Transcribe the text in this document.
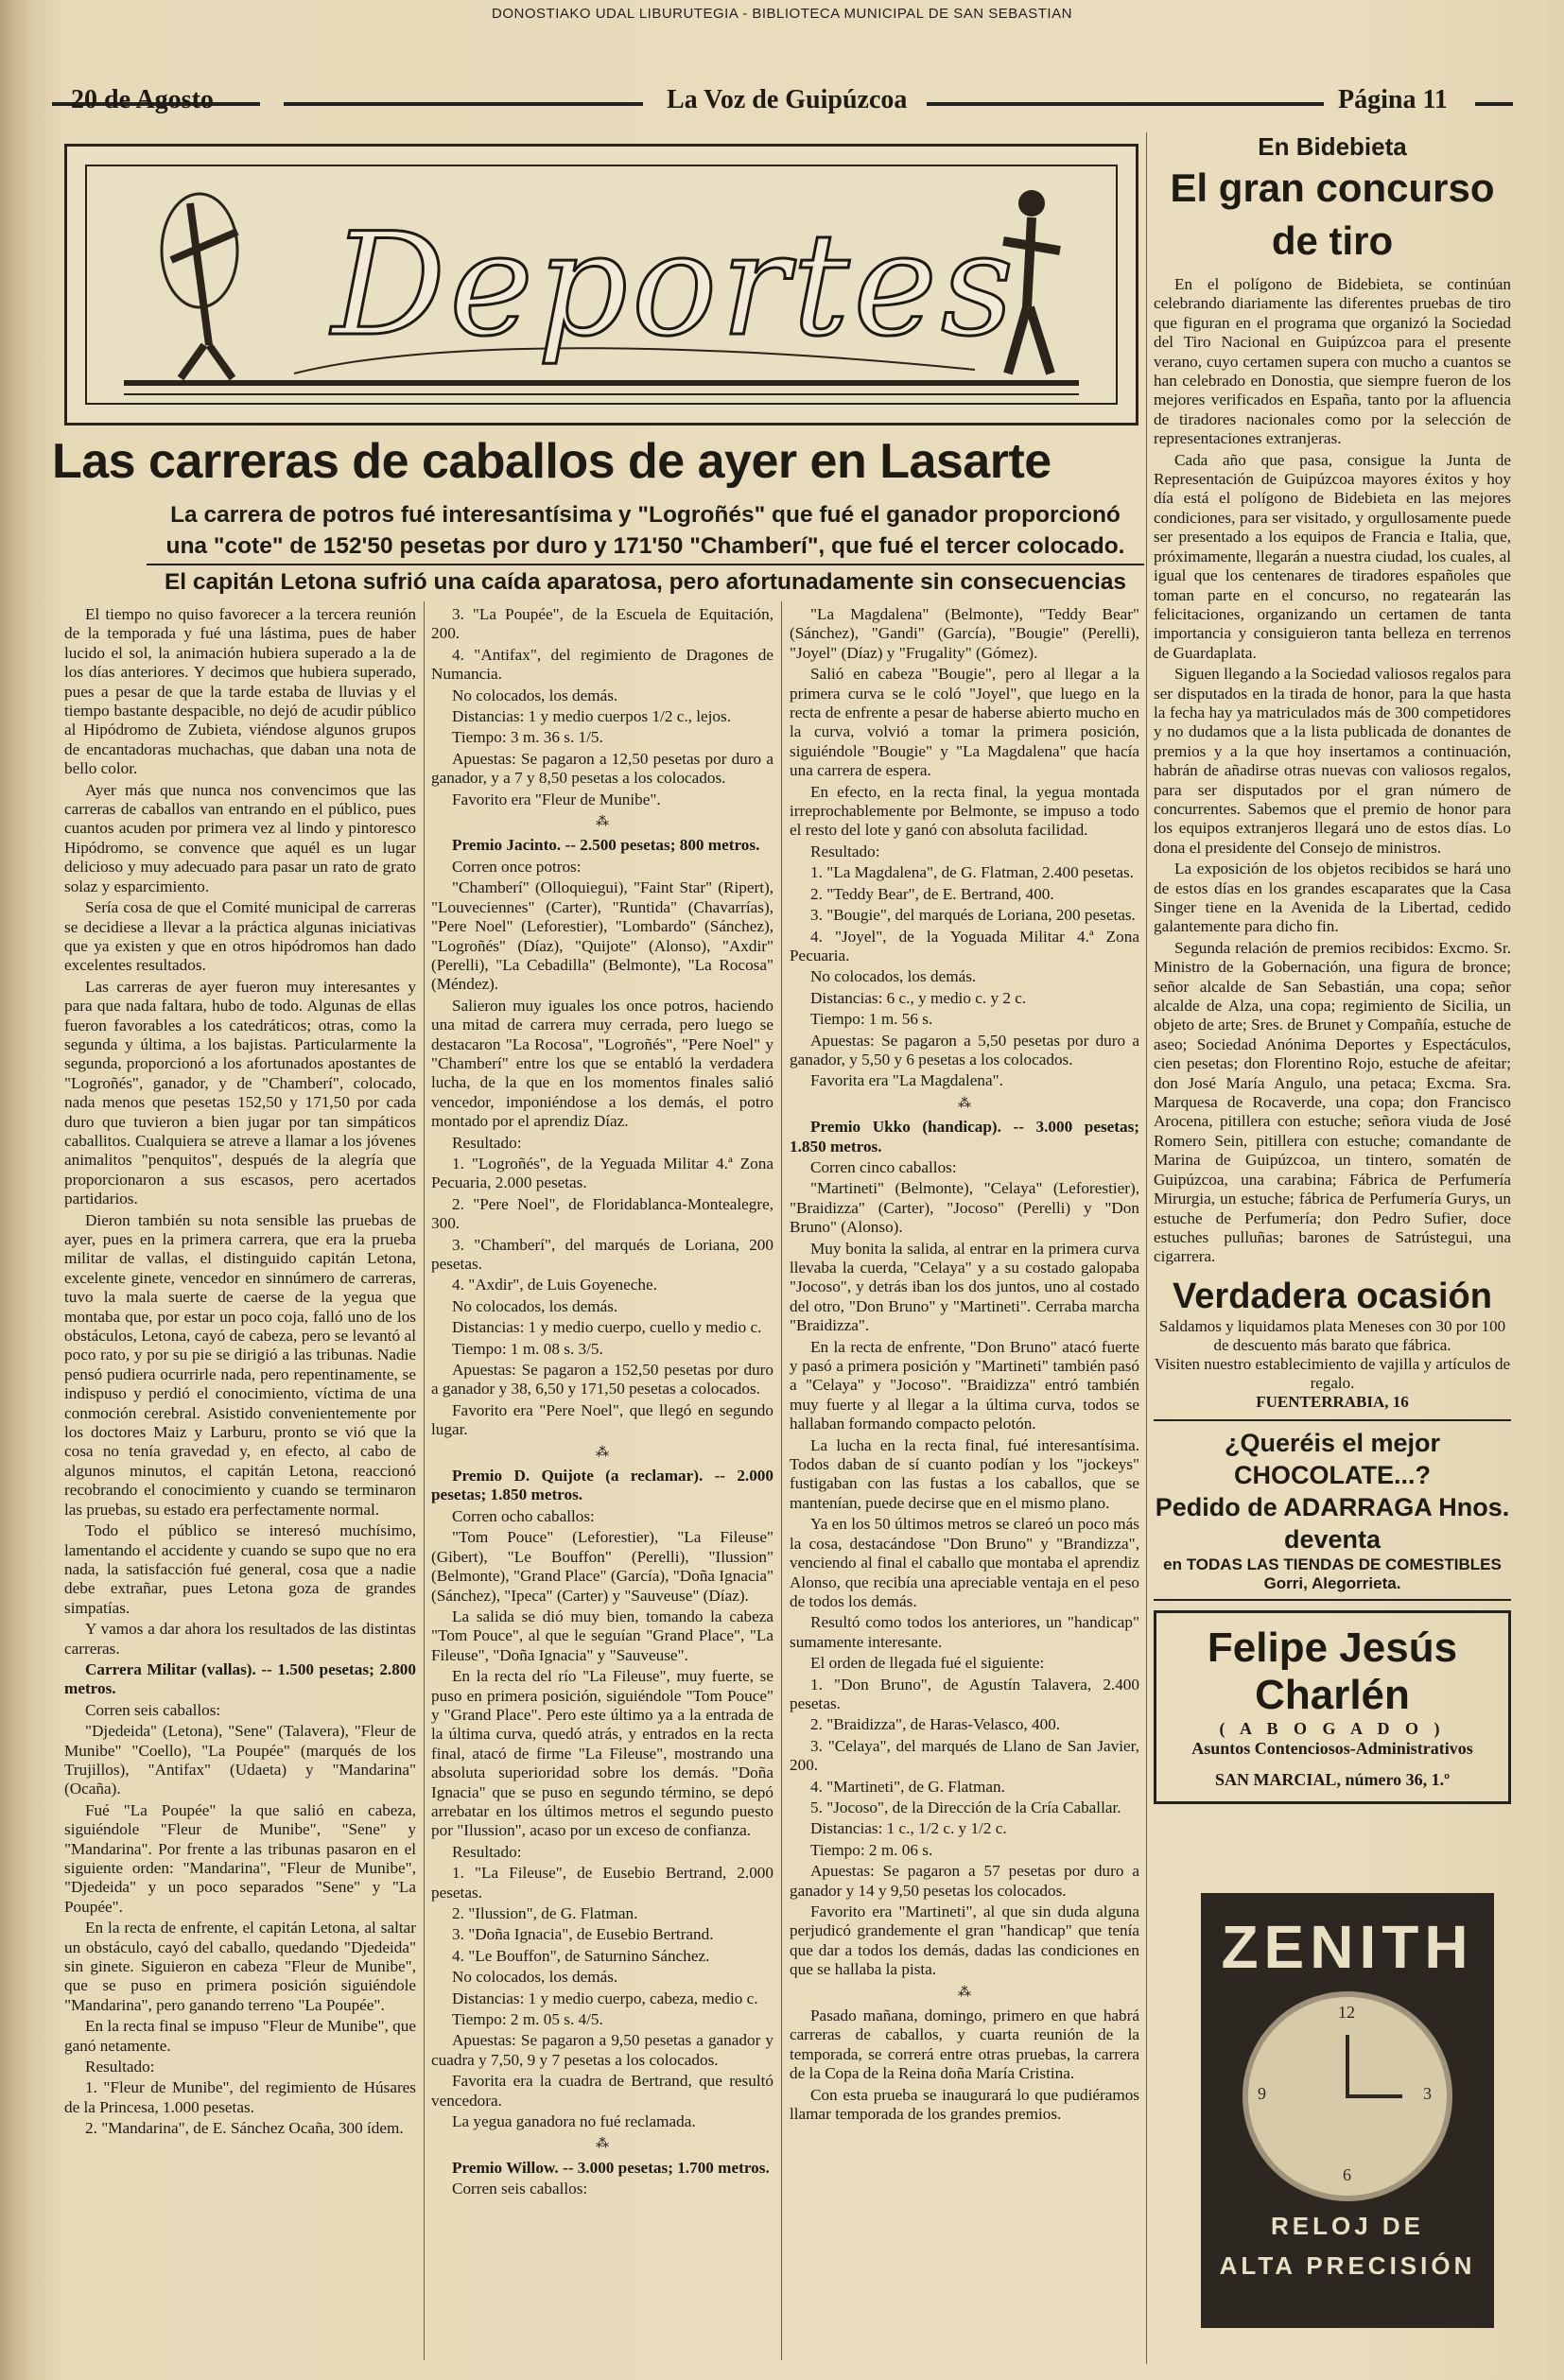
DONOSTIAKO UDAL LIBURUTEGIA - BIBLIOTECA MUNICIPAL DE SAN SEBASTIAN
20 de Agosto	La Voz de Guipúzcoa	Página 11
Deportes
Las carreras de caballos de ayer en Lasarte
La carrera de potros fué interesantísima y "Logroñés" que fué el ganador proporcionó
una "cote" de 152'50 pesetas por duro y 171'50 "Chamberí", que fué el tercer colocado.
El capitán Letona sufrió una caída aparatosa, pero afortunadamente sin consecuencias

El tiempo no quiso favorecer a la tercera reunión de la temporada y fué una lástima, pues de haber lucido el sol, la animación hubiera superado a la de los días anteriores. Y decimos que hubiera superado, pues a pesar de que la tarde estaba de lluvias y el tiempo bastante despacible, no dejó de acudir público al Hipódromo de Zubieta, viéndose algunos grupos de encantadoras muchachas, que daban una nota de bello color.

Ayer más que nunca nos convencimos que las carreras de caballos van entrando en el público, pues cuantos acuden por primera vez al lindo y pintoresco Hipódromo, se convence que aquél es un lugar delicioso y muy adecuado para pasar un rato de grato solaz y esparcimiento.

Sería cosa de que el Comité municipal de carreras se decidiese a llevar a la práctica algunas iniciativas que ya existen y que en otros hipódromos han dado excelentes resultados.

Las carreras de ayer fueron muy interesantes y para que nada faltara, hubo de todo. Algunas de ellas fueron favorables a los catedráticos; otras, como la segunda y última, a los bajistas. Particularmente la segunda, proporcionó a los afortunados apostantes de "Logroñés", ganador, y de "Chamberí", colocado, nada menos que pesetas 152,50 y 171,50 por cada duro que tuvieron a bien jugar por tan simpáticos caballitos. Cualquiera se atreve a llamar a los jóvenes animalitos "penquitos", después de la alegría que proporcionaron a sus escasos, pero acertados partidarios.

Dieron también su nota sensible las pruebas de ayer, pues en la primera carrera, que era la prueba militar de vallas, el distinguido capitán Letona, excelente ginete, vencedor en sinnúmero de carreras, tuvo la mala suerte de caerse de la yegua que montaba que, por estar un poco coja, falló uno de los obstáculos, Letona, cayó de cabeza, pero se levantó al poco rato, y por su pie se dirigió a las tribunas. Nadie pensó pudiera ocurrirle nada, pero repentinamente, se indispuso y perdió el conocimiento, víctima de una conmoción cerebral. Asistido convenientemente por los doctores Maiz y Larburu, pronto se vió que la cosa no tenía gravedad y, en efecto, al cabo de algunos minutos, el capitán Letona, reaccionó recobrando el conocimiento y cuando se terminaron las pruebas, su estado era perfectamente normal.

Todo el público se interesó muchísimo, lamentando el accidente y cuando se supo que no era nada, la satisfacción fué general, cosa que a nadie debe extrañar, pues Letona goza de grandes simpatías.

Y vamos a dar ahora los resultados de las distintas carreras.

Carrera Militar (vallas). -- 1.500 pesetas; 2.800 metros.

Corren seis caballos:

"Djedeida" (Letona), "Sene" (Talavera), "Fleur de Munibe" "Coello), "La Poupée" (marqués de los Trujillos), "Antifax" (Udaeta) y "Mandarina" (Ocaña).

Fué "La Poupée" la que salió en cabeza, siguiéndole "Fleur de Munibe", "Sene" y "Mandarina". Por frente a las tribunas pasaron en el siguiente orden: "Mandarina", "Fleur de Munibe", "Djedeida" y un poco separados "Sene" y "La Poupée".

En la recta de enfrente, el capitán Letona, al saltar un obstáculo, cayó del caballo, quedando "Djedeida" sin ginete. Siguieron en cabeza "Fleur de Munibe", que se puso en primera posición siguiéndole "Mandarina", pero ganando terreno "La Poupée".

En la recta final se impuso "Fleur de Munibe", que ganó netamente.

Resultado:

1. "Fleur de Munibe", del regimiento de Húsares de la Princesa, 1.000 pesetas.

2. "Mandarina", de E. Sánchez Ocaña, 300 ídem.

3. "La Poupée", de la Escuela de Equitación, 200.

4. "Antifax", del regimiento de Dragones de Numancia.

No colocados, los demás.

Distancias: 1 y medio cuerpos 1/2 c., lejos.

Tiempo: 3 m. 36 s. 1/5.

Apuestas: Se pagaron a 12,50 pesetas por duro a ganador, y a 7 y 8,50 pesetas a los colocados.

Favorito era "Fleur de Munibe".

⁂

Premio Jacinto. -- 2.500 pesetas; 800 metros.

Corren once potros:

"Chamberí" (Olloquiegui), "Faint Star" (Ripert), "Louveciennes" (Carter), "Runtida" (Chavarrías), "Pere Noel" (Leforestier), "Lombardo" (Sánchez), "Logroñés" (Díaz), "Quijote" (Alonso), "Axdir" (Perelli), "La Cebadilla" (Belmonte), "La Rocosa" (Méndez).

Salieron muy iguales los once potros, haciendo una mitad de carrera muy cerrada, pero luego se destacaron "La Rocosa", "Logroñés", "Pere Noel" y "Chamberí" entre los que se entabló la verdadera lucha, de la que en los momentos finales salió vencedor, imponiéndose a los demás, el potro montado por el aprendiz Díaz.

Resultado:

1. "Logroñés", de la Yeguada Militar 4.ª Zona Pecuaria, 2.000 pesetas.

2. "Pere Noel", de Floridablanca-Montealegre, 300.

3. "Chamberí", del marqués de Loriana, 200 pesetas.

4. "Axdir", de Luis Goyeneche.

No colocados, los demás.

Distancias: 1 y medio cuerpo, cuello y medio c.

Tiempo: 1 m. 08 s. 3/5.

Apuestas: Se pagaron a 152,50 pesetas por duro a ganador y 38, 6,50 y 171,50 pesetas a colocados.

Favorito era "Pere Noel", que llegó en segundo lugar.

⁂

Premio D. Quijote (a reclamar). -- 2.000 pesetas; 1.850 metros.

Corren ocho caballos:

"Tom Pouce" (Leforestier), "La Fileuse" (Gibert), "Le Bouffon" (Perelli), "Ilussion" (Belmonte), "Grand Place" (García), "Doña Ignacia" (Sánchez), "Ipeca" (Carter) y "Sauveuse" (Díaz).

La salida se dió muy bien, tomando la cabeza "Tom Pouce", al que le seguían "Grand Place", "La Fileuse", "Doña Ignacia" y "Sauveuse".

En la recta del río "La Fileuse", muy fuerte, se puso en primera posición, siguiéndole "Tom Pouce" y "Grand Place". Pero este último ya a la entrada de la última curva, quedó atrás, y entrados en la recta final, atacó de firme "La Fileuse", mostrando una absoluta superioridad sobre los demás. "Doña Ignacia" que se puso en segundo término, se depó arrebatar en los últimos metros el segundo puesto por "Ilussion", acaso por un exceso de confianza.

Resultado:

1. "La Fileuse", de Eusebio Bertrand, 2.000 pesetas.

2. "Ilussion", de G. Flatman.

3. "Doña Ignacia", de Eusebio Bertrand.

4. "Le Bouffon", de Saturnino Sánchez.

No colocados, los demás.

Distancias: 1 y medio cuerpo, cabeza, medio c.

Tiempo: 2 m. 05 s. 4/5.

Apuestas: Se pagaron a 9,50 pesetas a ganador y cuadra y 7,50, 9 y 7 pesetas a los colocados.

Favorita era la cuadra de Bertrand, que resultó vencedora.

La yegua ganadora no fué reclamada.

⁂

Premio Willow. -- 3.000 pesetas; 1.700 metros.

Corren seis caballos:

"La Magdalena" (Belmonte), "Teddy Bear" (Sánchez), "Gandi" (García), "Bougie" (Perelli), "Joyel" (Díaz) y "Frugality" (Gómez).

Salió en cabeza "Bougie", pero al llegar a la primera curva se le coló "Joyel", que luego en la recta de enfrente a pesar de haberse abierto mucho en la curva, volvió a tomar la primera posición, siguiéndole "Bougie" y "La Magdalena" que hacía una carrera de espera.

En efecto, en la recta final, la yegua montada irreprochablemente por Belmonte, se impuso a todo el resto del lote y ganó con absoluta facilidad.

Resultado:

1. "La Magdalena", de G. Flatman, 2.400 pesetas.

2. "Teddy Bear", de E. Bertrand, 400.

3. "Bougie", del marqués de Loriana, 200 pesetas.

4. "Joyel", de la Yoguada Militar 4.ª Zona Pecuaria.

No colocados, los demás.

Distancias: 6 c., y medio c. y 2 c.

Tiempo: 1 m. 56 s.

Apuestas: Se pagaron a 5,50 pesetas por duro a ganador, y 5,50 y 6 pesetas a los colocados.

Favorita era "La Magdalena".

⁂

Premio Ukko (handicap). -- 3.000 pesetas; 1.850 metros.

Corren cinco caballos:

"Martineti" (Belmonte), "Celaya" (Leforestier), "Braidizza" (Carter), "Jocoso" (Perelli) y "Don Bruno" (Alonso).

Muy bonita la salida, al entrar en la primera curva llevaba la cuerda, "Celaya" y a su costado galopaba "Jocoso", y detrás iban los dos juntos, uno al costado del otro, "Don Bruno" y "Martineti". Cerraba marcha "Braidizza".

En la recta de enfrente, "Don Bruno" atacó fuerte y pasó a primera posición y "Martineti" también pasó a "Celaya" y "Jocoso". "Braidizza" entró también muy fuerte y al llegar a la última curva, todos se hallaban formando compacto pelotón.

La lucha en la recta final, fué interesantísima. Todos daban de sí cuanto podían y los "jockeys" fustigaban con las fustas a los caballos, que se mantenían, puede decirse que en el mismo plano.

Ya en los 50 últimos metros se clareó un poco más la cosa, destacándose "Don Bruno" y "Brandizza", venciendo al final el caballo que montaba el aprendiz Alonso, que recibía una apreciable ventaja en el peso de todos los demás.

Resultó como todos los anteriores, un "handicap" sumamente interesante.

El orden de llegada fué el siguiente:

1. "Don Bruno", de Agustín Talavera, 2.400 pesetas.

2. "Braidizza", de Haras-Velasco, 400.

3. "Celaya", del marqués de Llano de San Javier, 200.

4. "Martineti", de G. Flatman.

5. "Jocoso", de la Dirección de la Cría Caballar.

Distancias: 1 c., 1/2 c. y 1/2 c.

Tiempo: 2 m. 06 s.

Apuestas: Se pagaron a 57 pesetas por duro a ganador y 14 y 9,50 pesetas los colocados.

Favorito era "Martineti", al que sin duda alguna perjudicó grandemente el gran "handicap" que tenía que dar a todos los demás, dadas las condiciones en que se hallaba la pista.

⁂

Pasado mañana, domingo, primero en que habrá carreras de caballos, y cuarta reunión de la temporada, se correrá entre otras pruebas, la carrera de la Copa de la Reina doña María Cristina.

Con esta prueba se inaugurará lo que pudiéramos llamar temporada de los grandes premios.

En Bidebieta
El gran concurso
de tiro

En el polígono de Bidebieta, se continúan celebrando diariamente las diferentes pruebas de tiro que figuran en el programa que organizó la Sociedad del Tiro Nacional en Guipúzcoa para el presente verano, cuyo certamen supera con mucho a cuantos se han celebrado en Donostia, que siempre fueron de los mejores verificados en España, tanto por la afluencia de tiradores nacionales como por la selección de representaciones extranjeras.

Cada año que pasa, consigue la Junta de Representación de Guipúzcoa mayores éxitos y hoy día está el polígono de Bidebieta en las mejores condiciones, para ser visitado, y orgullosamente puede ser presentado a los equipos de Francia e Italia, que, próximamente, llegarán a nuestra ciudad, los cuales, al igual que los centenares de tiradores españoles que toman parte en el concurso, no regatearán las felicitaciones, organizando un certamen de tanta importancia y consiguieron tanta belleza en terrenos de Guardaplata.

Siguen llegando a la Sociedad valiosos regalos para ser disputados en la tirada de honor, para la que hasta la fecha hay ya matriculados más de 300 competidores y no dudamos que a la lista publicada de donantes de premios y a la que hoy insertamos a continuación, habrán de añadirse otras nuevas con valiosos regalos, para ser disputados por el gran número de concurrentes. Sabemos que el premio de honor para los equipos extranjeros llegará uno de estos días. Lo dona el presidente del Consejo de ministros.

La exposición de los objetos recibidos se hará uno de estos días en los grandes escaparates que la Casa Singer tiene en la Avenida de la Libertad, cedido galantemente para dicho fin.

Segunda relación de premios recibidos: Excmo. Sr. Ministro de la Gobernación, una figura de bronce; señor alcalde de San Sebastián, una copa; señor alcalde de Alza, una copa; regimiento de Sicilia, un objeto de arte; Sres. de Brunet y Compañía, estuche de aseo; Sociedad Anónima Deportes y Espectáculos, cien pesetas; don Florentino Rojo, estuche de afeitar; don José María Angulo, una petaca; Excma. Sra. Marquesa de Rocaverde, una copa; don Francisco Arocena, pitillera con estuche; señora viuda de José Romero Sein, pitillera con estuche; comandante de Marina de Guipúzcoa, un tintero, somatén de Guipúzcoa, una carabina; Fábrica de Perfumería Mirurgia, un estuche; fábrica de Perfumería Gurys, un estuche de Perfumería; don Pedro Sufier, doce estuches pulluñas; barones de Satrústegui, una cigarrera.

Verdadera ocasión
Saldamos y liquidamos plata Meneses con 30 por 100 de descuento más barato que fábrica.
Visiten nuestro establecimiento de vajilla y artículos de regalo.
FUENTERRABIA, 16
¿Queréis el mejor CHOCOLATE...?
Pedido de ADARRAGA Hnos. deventa
en TODAS LAS TIENDAS DE COMESTIBLES
Gorri, Alegorrieta.
Felipe Jesús Charlén
( A B O G A D O )
Asuntos Contenciosos-Administrativos
SAN MARCIAL, número 36, 1.º
ZENITH
12
3
6
9
RELOJ DE
ALTA PRECISIÓN
